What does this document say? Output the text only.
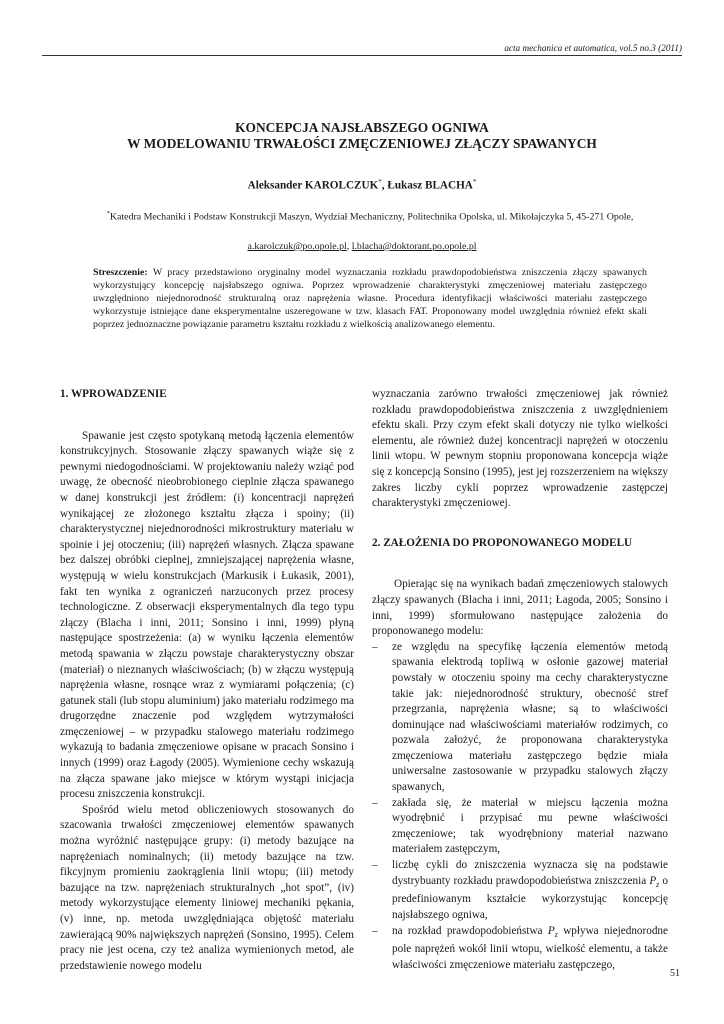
acta mechanica et automatica, vol.5 no.3 (2011)
KONCEPCJA NAJSŁABSZEGO OGNIWA
W MODELOWANIU TRWAŁOŚCI ZMĘCZENIOWEJ ZŁĄCZY SPAWANYCH
Aleksander KAROLCZUK*, Łukasz BLACHA*
*Katedra Mechaniki i Podstaw Konstrukcji Maszyn, Wydział Mechaniczny, Politechnika Opolska, ul. Mikołajczyka 5, 45-271 Opole,
a.karolczuk@po.opole.pl, l.blacha@doktorant.po.opole.pl
Streszczenie: W pracy przedstawiono oryginalny model wyznaczania rozkładu prawdopodobieństwa zniszczenia złączy spawanych wykorzystujący koncepcję najsłabszego ogniwa. Poprzez wprowadzenie charakterystyki zmęczeniowej materiału zastępczego uwzględniono niejednorodność strukturalną oraz naprężenia własne. Procedura identyfikacji właściwości materiału zastępczego wykorzystuje istniejące dane eksperymentalne uszeregowane w tzw. klasach FAT. Proponowany model uwzględnia również efekt skali poprzez jednoznaczne powiązanie parametru kształtu rozkładu z wielkością analizowanego elementu.
1. WPROWADZENIE

Spawanie jest często spotykaną metodą łączenia elementów konstrukcyjnych. Stosowanie złączy spawanych wiąże się z pewnymi niedogodnościami. W projektowaniu należy wziąć pod uwagę, że obecność nieobrobionego cieplnie złącza spawanego w danej konstrukcji jest źródłem: (i) koncentracji naprężeń wynikającej ze złożonego kształtu złącza i spoiny; (ii) charakterystycznej niejednorodności mikrostruktury materiału w spoinie i jej otoczeniu; (iii) naprężeń własnych. Złącza spawane bez dalszej obróbki cieplnej, zmniejszającej naprężenia własne, występują w wielu konstrukcjach (Markusik i Łukasik, 2001), fakt ten wynika z ograniczeń narzuconych przez procesy technologiczne. Z obserwacji eksperymentalnych dla tego typu złączy (Blacha i inni, 2011; Sonsino i inni, 1999) płyną następujące spostrzeżenia: (a) w wyniku łączenia elementów metodą spawania w złączu powstaje charakterystyczny obszar (materiał) o nieznanych właściwościach; (b) w złączu występują naprężenia własne, rosnące wraz z wymiarami połączenia; (c) gatunek stali (lub stopu aluminium) jako materiału rodzimego ma drugorzędne znaczenie pod względem wytrzymałości zmęczeniowej – w przypadku stalowego materiału rodzimego wykazują to badania zmęczeniowe opisane w pracach Sonsino i innych (1999) oraz Łagody (2005). Wymienione cechy wskazują na złącza spawane jako miejsce w którym wystąpi inicjacja procesu zniszczenia konstrukcji.

Spośród wielu metod obliczeniowych stosowanych do szacowania trwałości zmęczeniowej elementów spawanych można wyróżnić następujące grupy: (i) metody bazujące na naprężeniach nominalnych; (ii) metody bazujące na tzw. fikcyjnym promieniu zaokrąglenia linii wtopu; (iii) metody bazujące na tzw. naprężeniach strukturalnych „hot spot”, (iv) metody wykorzystujące elementy liniowej mechaniki pękania, (v) inne, np. metoda uwzględniająca objętość materiału zawierającą 90% największych naprężeń (Sonsino, 1995). Celem pracy nie jest ocena, czy też analiza wymienionych metod, ale przedstawienie nowego modelu

wyznaczania zarówno trwałości zmęczeniowej jak również rozkładu prawdopodobieństwa zniszczenia z uwzględnieniem efektu skali. Przy czym efekt skali dotyczy nie tylko wielkości elementu, ale również dużej koncentracji naprężeń w otoczeniu linii wtopu. W pewnym stopniu proponowana koncepcja wiąże się z koncepcją Sonsino (1995), jest jej rozszerzeniem na większy zakres liczby cykli poprzez wprowadzenie zastępczej charakterystyki zmęczeniowej.

2. ZAŁOŻENIA DO PROPONOWANEGO MODELU

Opierając się na wynikach badań zmęczeniowych stalowych złączy spawanych (Blacha i inni, 2011; Łagoda, 2005; Sonsino i inni, 1999) sformułowano następujące założenia do proponowanego modelu:

– ze względu na specyfikę łączenia elementów metodą spawania elektrodą topliwą w osłonie gazowej materiał powstały w otoczeniu spoiny ma cechy charakterystyczne takie jak: niejednorodność struktury, obecność stref przegrzania, naprężenia własne; są to właściwości dominujące nad właściwościami materiałów rodzimych, co pozwala założyć, że proponowana charakterystyka zmęczeniowa materiału zastępczego będzie miała uniwersalne zastosowanie w przypadku stalowych złączy spawanych,
– zakłada się, że materiał w miejscu łączenia można wyodrębnić i przypisać mu pewne właściwości zmęczeniowe; tak wyodrębniony materiał nazwano materiałem zastępczym,
– liczbę cykli do zniszczenia wyznacza się na podstawie dystrybuanty rozkładu prawdopodobieństwa zniszczenia $P_z$ o predefiniowanym kształcie wykorzystując koncepcję najsłabszego ogniwa,
– na rozkład prawdopodobieństwa $P_z$ wpływa niejednorodne pole naprężeń wokół linii wtopu, wielkość elementu, a także właściwości zmęczeniowe materiału zastępczego,
51
